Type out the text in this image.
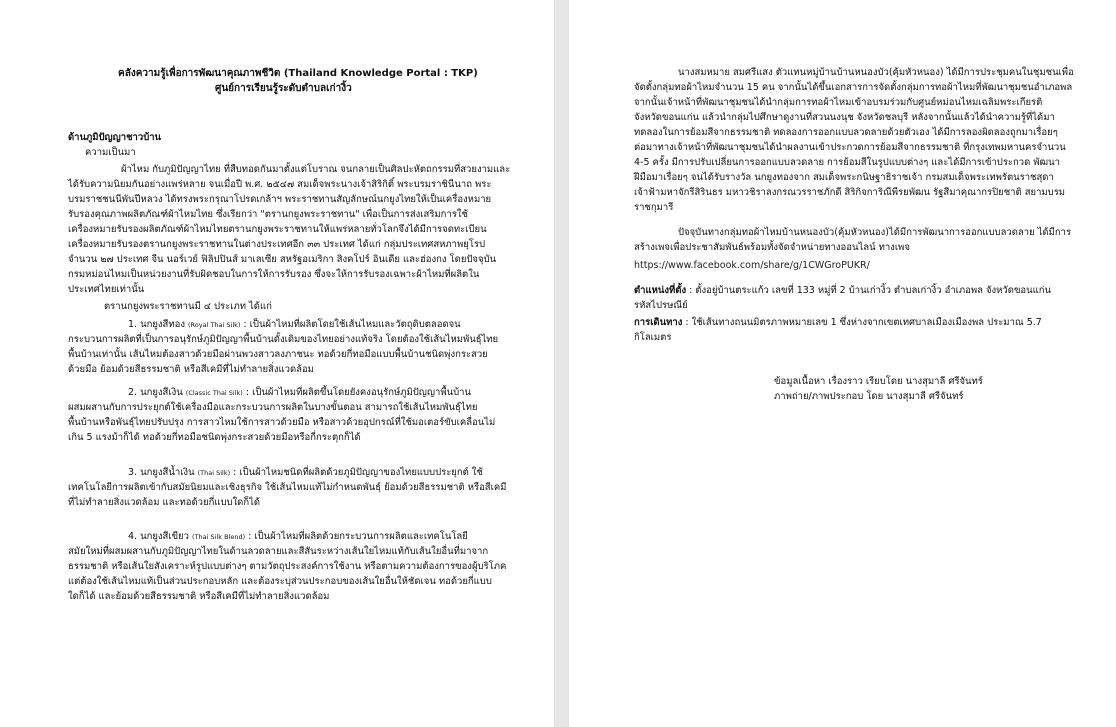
คลังความรู้เพื่อการพัฒนาคุณภาพชีวิต (Thailand Knowledge Portal : TKP)
ศูนย์การเรียนรู้ระดับตำบลเก่างิ้ว
ด้านภูมิปัญญาชาวบ้าน
ความเป็นมา
ผ้าไหม กับภูมิปัญญาไทย ที่สืบทอดกันมาตั้งแต่โบราณ จนกลายเป็นศิลปะหัตถกรรมที่สวยงามและ
ได้รับความนิยมกันอย่างแพร่หลาย จนเมื่อปี พ.ศ. ๒๕๔๗ สมเด็จพระนางเจ้าสิริกิติ์ พระบรมราชินีนาถ พระ
บรมราชชนนีพันปีหลวง ได้ทรงพระกรุณาโปรดเกล้าฯ พระราชทานสัญลักษณ์นกยูงไทยให้เป็นเครื่องหมาย
รับรองคุณภาพผลิตภัณฑ์ผ้าไหมไทย ซึ่งเรียกว่า "ตรานกยูงพระราชทาน" เพื่อเป็นการส่งเสริมการใช้
เครื่องหมายรับรองผลิตภัณฑ์ผ้าไหมไทยตรานกยูงพระราชทานให้แพร่หลายทั่วโลกจึงได้มีการจดทะเบียน
เครื่องหมายรับรองตรานกยูงพระราชทานในต่างประเทศอีก ๓๓ ประเทศ ได้แก่ กลุ่มประเทศสหภาพยุโรป
จำนวน ๒๗ ประเทศ จีน นอร์เวย์ ฟิลิปปินส์ มาเลเซีย สหรัฐอเมริกา สิงคโปร์ อินเดีย และฮ่องกง โดยปัจจุบัน
กรมหม่อนไหมเป็นหน่วยงานที่รับผิดชอบในการให้การรับรอง ซึ่งจะให้การรับรองเฉพาะผ้าไหมที่ผลิตใน
ประเทศไทยเท่านั้น
ตรานกยูงพระราชทานมี ๔ ประเภท ได้แก่
1. นกยูงสีทอง (Royal Thai Silk) : เป็นผ้าไหมที่ผลิตโดยใช้เส้นไหมและวัตถุดิบตลอดจน
กระบวนการผลิตที่เป็นการอนุรักษ์ภูมิปัญญาพื้นบ้านดั้งเดิมของไทยอย่างแท้จริง โดยต้องใช้เส้นไหมพันธุ์ไทย
พื้นบ้านเท่านั้น เส้นไหมต้องสาวด้วยมือผ่านพวงสาวลงภาชนะ ทอด้วยกี่ทอมือแบบพื้นบ้านชนิดพุ่งกระสวย
ด้วยมือ ย้อมด้วยสีธรรมชาติ หรือสีเคมีที่ไม่ทำลายสิ่งแวดล้อม
2. นกยูงสีเงิน (Classic Thai Silk) : เป็นผ้าไหมที่ผลิตขึ้นโดยยังคงอนุรักษ์ภูมิปัญญาพื้นบ้าน
ผสมผสานกับการประยุกต์ใช้เครื่องมือและกระบวนการผลิตในบางขั้นตอน สามารถใช้เส้นไหมพันธุ์ไทย
พื้นบ้านหรือพันธุ์ไทยปรับปรุง การสาวไหมใช้การสาวด้วยมือ หรือสาวด้วยอุปกรณ์ที่ใช้มอเตอร์ขับเคลื่อนไม่
เกิน 5 แรงม้าก็ได้ ทอด้วยกี่ทอมือชนิดพุ่งกระสวยด้วยมือหรือกี่กระตุกก็ได้
3. นกยูงสีน้ำเงิน (Thai Silk) : เป็นผ้าไหมชนิดที่ผลิตด้วยภูมิปัญญาของไทยแบบประยุกต์ ใช้
เทคโนโลยีการผลิตเข้ากับสมัยนิยมและเชิงธุรกิจ ใช้เส้นไหมแท้ไม่กำหนดพันธุ์ ย้อมด้วยสีธรรมชาติ หรือสีเคมี
ที่ไม่ทำลายสิ่งแวดล้อม และทอด้วยกี่แบบใดก็ได้
4. นกยูงสีเขียว (Thai Silk Blend) : เป็นผ้าไหมที่ผลิตด้วยกระบวนการผลิตและเทคโนโลยี
สมัยใหม่ที่ผสมผสานกับภูมิปัญญาไทยในด้านลวดลายและสีสันระหว่างเส้นใยไหมแท้กับเส้นใยอื่นที่มาจาก
ธรรมชาติ หรือเส้นใยสังเคราะห์รูปแบบต่างๆ ตามวัตถุประสงค์การใช้งาน หรือตามความต้องการของผู้บริโภค
แต่ต้องใช้เส้นไหมแท้เป็นส่วนประกอบหลัก และต้องระบุส่วนประกอบของเส้นใยอื่นให้ชัดเจน ทอด้วยกี่แบบ
ใดก็ได้ และย้อมด้วยสีธรรมชาติ หรือสีเคมีที่ไม่ทำลายสิ่งแวดล้อม
นางสมหมาย สมศรีแสง ตัวแทนหมู่บ้านบ้านหนองบัว(คุ้มหัวหนอง) ได้มีการประชุมคนในชุมชนเพื่อ
จัดตั้งกลุ่มทอผ้าไหมจำนวน 15 คน จากนั้นได้ขึ้นเอกสารการจัดตั้งกลุ่มการทอผ้าไหมที่พัฒนาชุมชนอำเภอพล
จากนั้นเจ้าหน้าที่พัฒนาชุมชนได้นำกลุ่มการทอผ้าไหมเข้าอบรมร่วมกับศูนย์หม่อนไหมเฉลิมพระเกียรติ
จังหวัดขอนแก่น แล้วนำกลุ่มไปศึกษาดูงานที่สวนนงนุช จังหวัดชลบุรี หลังจากนั้นแล้วได้นำความรู้ที่ได้มา
ทดลองในการย้อมสีจากธรรมชาติ ทดลองการออกแบบลวดลายด้วยตัวเอง ได้มีการลองผิดลองถูกมาเรื่อยๆ
ต่อมาทางเจ้าหน้าที่พัฒนาชุมชนได้นำผลงานเข้าประกวดการย้อมสีจากธรรมชาติ ที่กรุงเทพมหานครจำนวน
4-5 ครั้ง มีการปรับเปลี่ยนการออกแบบลวดลาย การย้อมสีในรูปแบบต่างๆ และได้มีการเข้าประกวด พัฒนา
ฝีมือมาเรื่อยๆ จนได้รับรางวัล นกยูงทองจาก สมเด็จพระกนิษฐาธิราชเจ้า กรมสมเด็จพระเทพรัตนราชสุดา
เจ้าฟ้ามหาจักรีสิรินธร มหาวชิราลงกรณวรราชภักดี สิริกิจการิณีพีรยพัฒน รัฐสีมาคุณากรปิยชาติ สยามบรม
ราชกุมารี
ปัจจุบันทางกลุ่มทอผ้าไหมบ้านหนองบัว(คุ้มหัวหนอง)ได้มีการพัฒนาการออกแบบลวดลาย ได้มีการ
สร้างเพจเพื่อประชาสัมพันธ์พร้อมทั้งจัดจำหน่ายทางออนไลน์ ทางเพจ
https://www.facebook.com/share/g/1CWGroPUKR/
ตำแหน่งที่ตั้ง : ตั้งอยู่บ้านตระแก้ว เลขที่ 133 หมู่ที่ 2 บ้านเก่างิ้ว ตำบลเก่างิ้ว อำเภอพล จังหวัดขอนแก่น
รหัสไปรษณีย์
การเดินทาง : ใช้เส้นทางถนนมิตรภาพหมายเลข 1 ซึ่งห่างจากเขตเทศบาลเมืองเมืองพล ประมาณ 5.7
กิโลเมตร
ข้อมูลเนื้อหา เรื่องราว เรียบโดย นางสุมาลี ศรีจันทร์
ภาพถ่าย/ภาพประกอบ โดย นางสุมาลี ศรีจันทร์
